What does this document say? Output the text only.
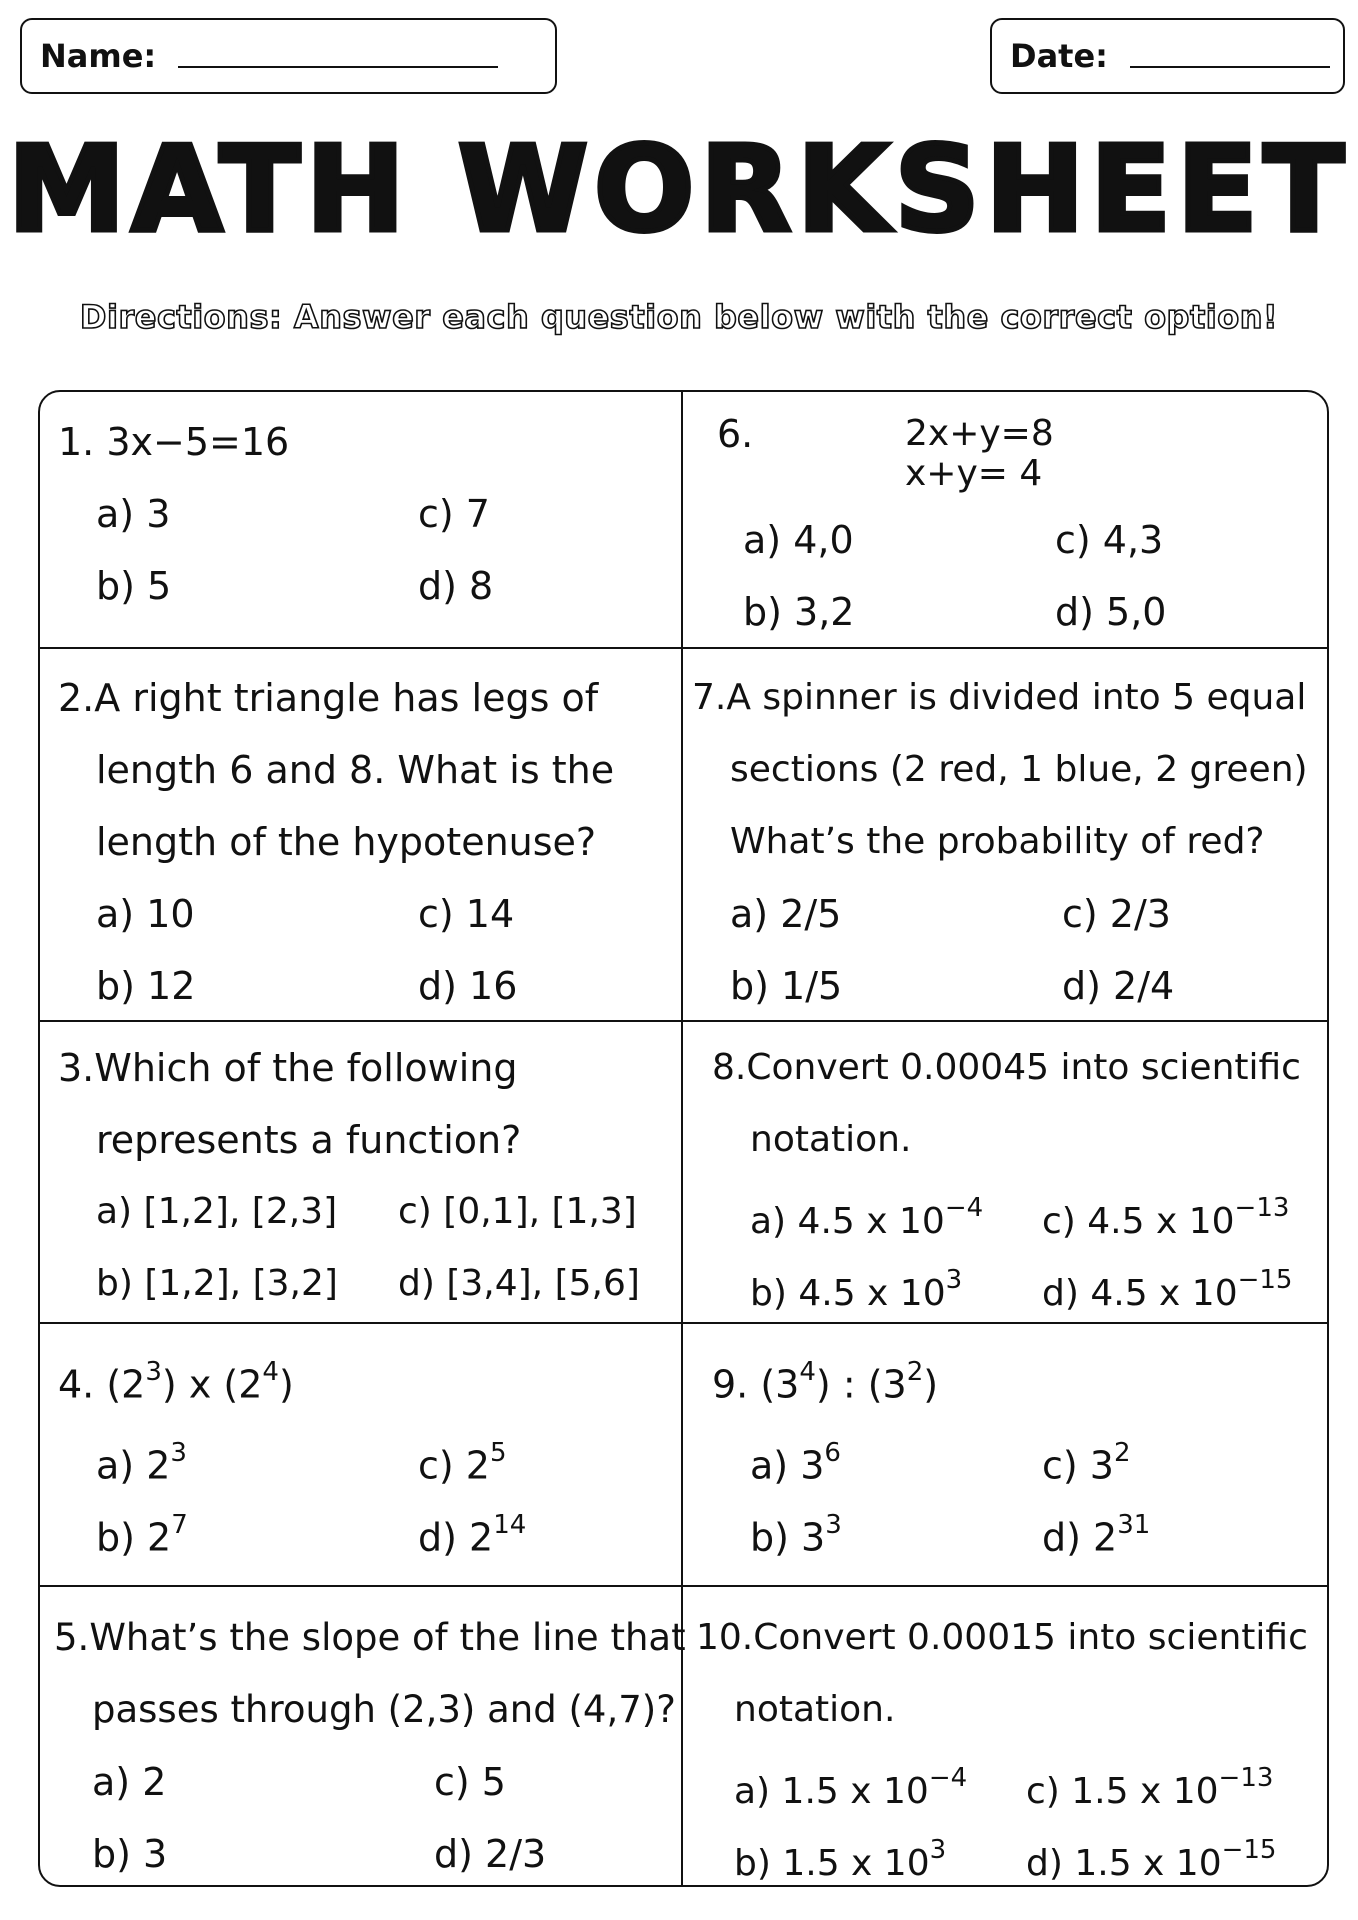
Name:	Date:
MATH WORKSHEET
Directions: Answer each question below with the correct option!
1. 3x−5=16
a) 3
b) 5
c) 7
d) 8
2.A right triangle has legs of
length 6 and 8. What is the
length of the hypotenuse?
a) 10
b) 12
c) 14
d) 16
3.Which of the following
represents a function?
a) [1,2], [2,3]
b) [1,2], [3,2]
c) [0,1], [1,3]
d) [3,4], [5,6]
4. $(2^3)$ x $(2^4)$
a) $2^3$
b) $2^7$
c) $2^5$
d) $2^{14}$
5.What’s the slope of the line that
passes through (2,3) and (4,7)?
a) 2
b) 3
c) 5
d) 2/3
6.	2x+y=8
x+y= 4
a) 4,0
b) 3,2
c) 4,3
d) 5,0
7.A spinner is divided into 5 equal
sections (2 red, 1 blue, 2 green)
What’s the probability of red?
a) 2/5
b) 1/5
c) 2/3
d) 2/4
8.Convert 0.00045 into scientific
notation.
a) 4.5 x $10^{-4}$
b) 4.5 x $10^3$
c) 4.5 x $10^{-13}$
d) 4.5 x $10^{-15}$
9. $(3^4)$ : $(3^2)$
a) $3^6$
b) $3^3$
c) $3^2$
d) $2^{31}$
10.Convert 0.00015 into scientific
notation.
a) 1.5 x $10^{-4}$
b) 1.5 x $10^3$
c) 1.5 x $10^{-13}$
d) 1.5 x $10^{-15}$
